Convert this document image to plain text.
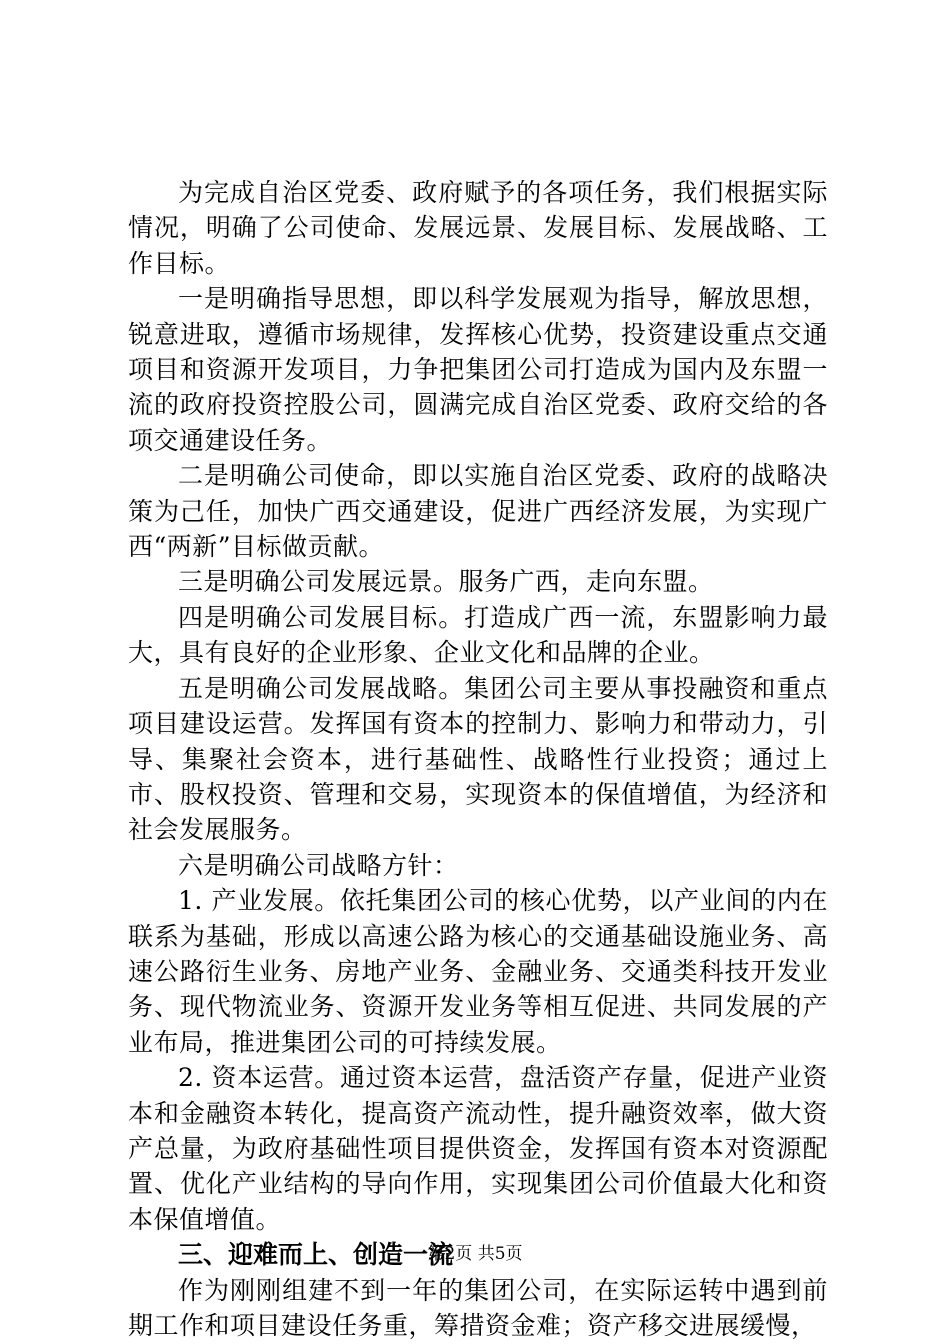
为完成自治区党委、政府赋予的各项任务，我们根据实际情况，明确了公司使命、发展远景、发展目标、发展战略、工作目标。

一是明确指导思想，即以科学发展观为指导，解放思想，锐意进取，遵循市场规律，发挥核心优势，投资建设重点交通项目和资源开发项目，力争把集团公司打造成为国内及东盟一流的政府投资控股公司，圆满完成自治区党委、政府交给的各项交通建设任务。

二是明确公司使命，即以实施自治区党委、政府的战略决策为己任，加快广西交通建设，促进广西经济发展，为实现广西“两新”目标做贡献。

三是明确公司发展远景。服务广西，走向东盟。

四是明确公司发展目标。打造成广西一流，东盟影响力最大，具有良好的企业形象、企业文化和品牌的企业。

五是明确公司发展战略。集团公司主要从事投融资和重点项目建设运营。发挥国有资本的控制力、影响力和带动力，引导、集聚社会资本，进行基础性、战略性行业投资；通过上市、股权投资、管理和交易，实现资本的保值增值，为经济和社会发展服务。

六是明确公司战略方针：

1. 产业发展。依托集团公司的核心优势，以产业间的内在联系为基础，形成以高速公路为核心的交通基础设施业务、高速公路衍生业务、房地产业务、金融业务、交通类科技开发业务、现代物流业务、资源开发业务等相互促进、共同发展的产业布局，推进集团公司的可持续发展。

2. 资本运营。通过资本运营，盘活资产存量，促进产业资本和金融资本转化，提高资产流动性，提升融资效率，做大资产总量，为政府基础性项目提供资金，发挥国有资本对资源配置、优化产业结构的导向作用，实现集团公司价值最大化和资本保值增值。

三、迎难而上、创造一流

作为刚刚组建不到一年的集团公司，在实际运转中遇到前期工作和项目建设任务重，筹措资金难；资产移交进展缓慢，

第2页 共5页
